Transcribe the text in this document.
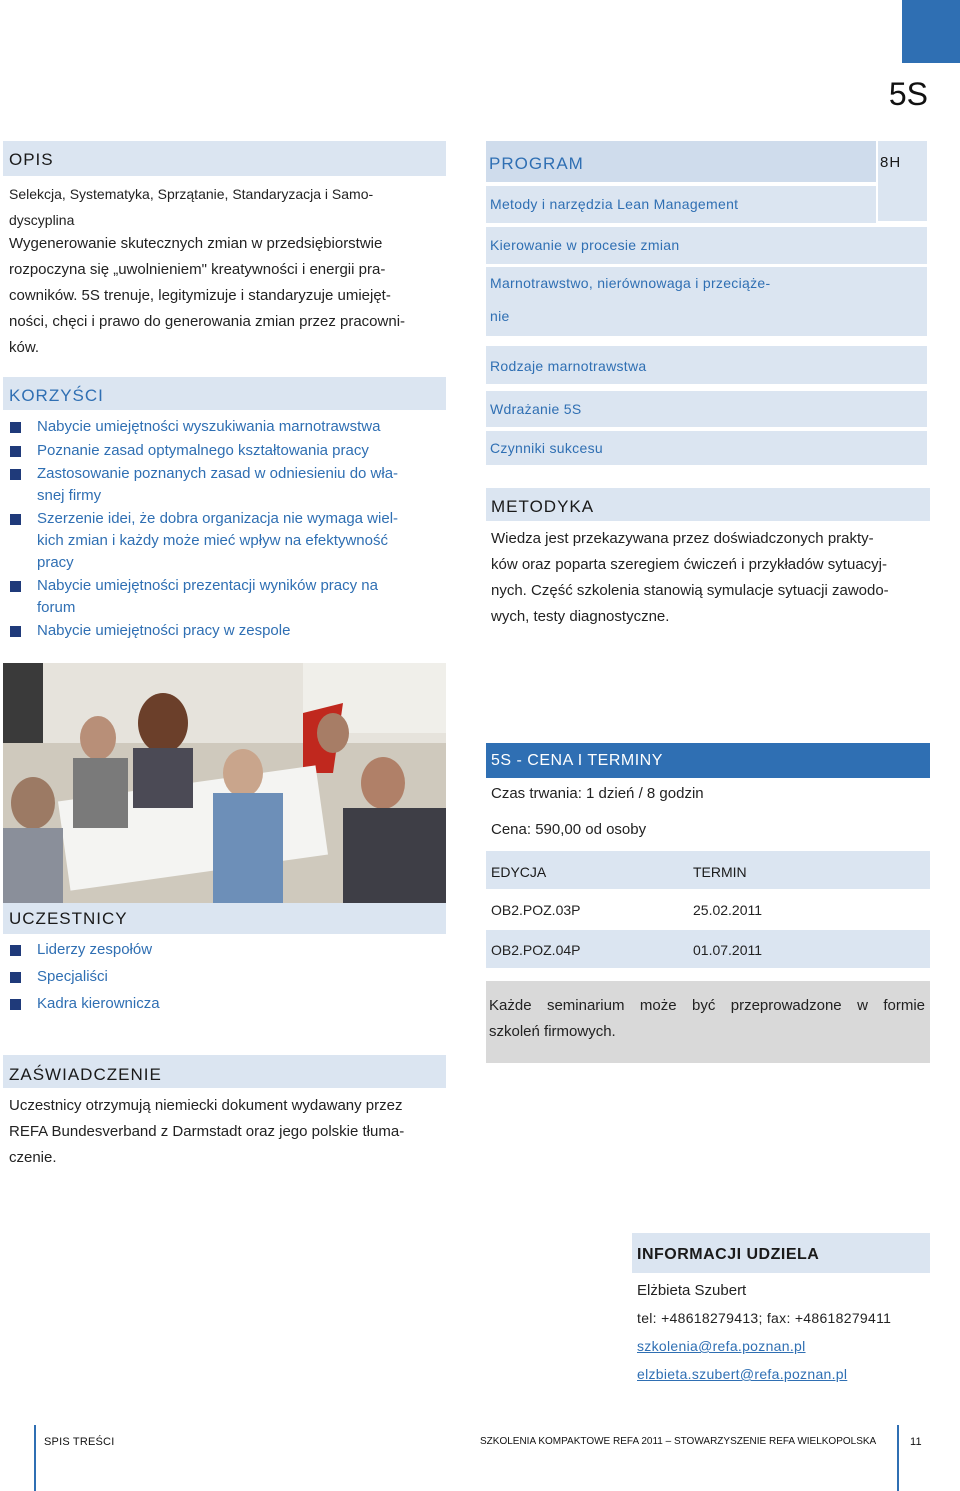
5S
OPIS
Selekcja, Systematyka, Sprzątanie, Standaryzacja i Samo-
dyscyplina
Wygenerowanie skutecznych zmian w przedsiębiorstwie
rozpoczyna się „uwolnieniem" kreatywności i energii pra-
cowników. 5S trenuje, legitymizuje i standaryzuje umiejęt-
ności, chęci i prawo do generowania zmian przez pracowni-
ków.
KORZYŚCI
Nabycie umiejętności wyszukiwania marnotrawstwa
Poznanie zasad optymalnego kształtowania pracy
Zastosowanie poznanych zasad w odniesieniu do wła-
snej firmy
Szerzenie idei, że dobra organizacja nie wymaga wiel-
kich zmian i każdy może mieć wpływ na efektywność
pracy
Nabycie umiejętności prezentacji wyników pracy na
forum
Nabycie umiejętności pracy w zespole
PROGRAM	8H
Metody i narzędzia Lean Management
Kierowanie w procesie zmian
Marnotrawstwo, nierównowaga i przeciąże-
nie
Rodzaje marnotrawstwa
Wdrażanie 5S
Czynniki sukcesu
METODYKA
Wiedza jest przekazywana przez doświadczonych prakty-
ków oraz poparta szeregiem ćwiczeń i przykładów sytuacyj-
nych. Część szkolenia stanowią symulacje sytuacji zawodo-
wych, testy diagnostyczne.
5S - CENA I TERMINY
Czas trwania: 1 dzień / 8 godzin
Cena: 590,00 od osoby
EDYCJA	TERMIN
OB2.POZ.03P	25.02.2011
OB2.POZ.04P	01.07.2011
Każde seminarium może być przeprowadzone w formie
szkoleń firmowych.
UCZESTNICY
Liderzy zespołów
Specjaliści
Kadra kierownicza
ZAŚWIADCZENIE
Uczestnicy otrzymują niemiecki dokument wydawany przez
REFA Bundesverband z Darmstadt oraz jego polskie tłuma-
czenie.
INFORMACJI UDZIELA
Elżbieta Szubert
tel: +48618279413; fax: +48618279411
szkolenia@refa.poznan.pl
elzbieta.szubert@refa.poznan.pl
SPIS TREŚCI	SZKOLENIA KOMPAKTOWE REFA 2011 – STOWARZYSZENIE REFA WIELKOPOLSKA	11
